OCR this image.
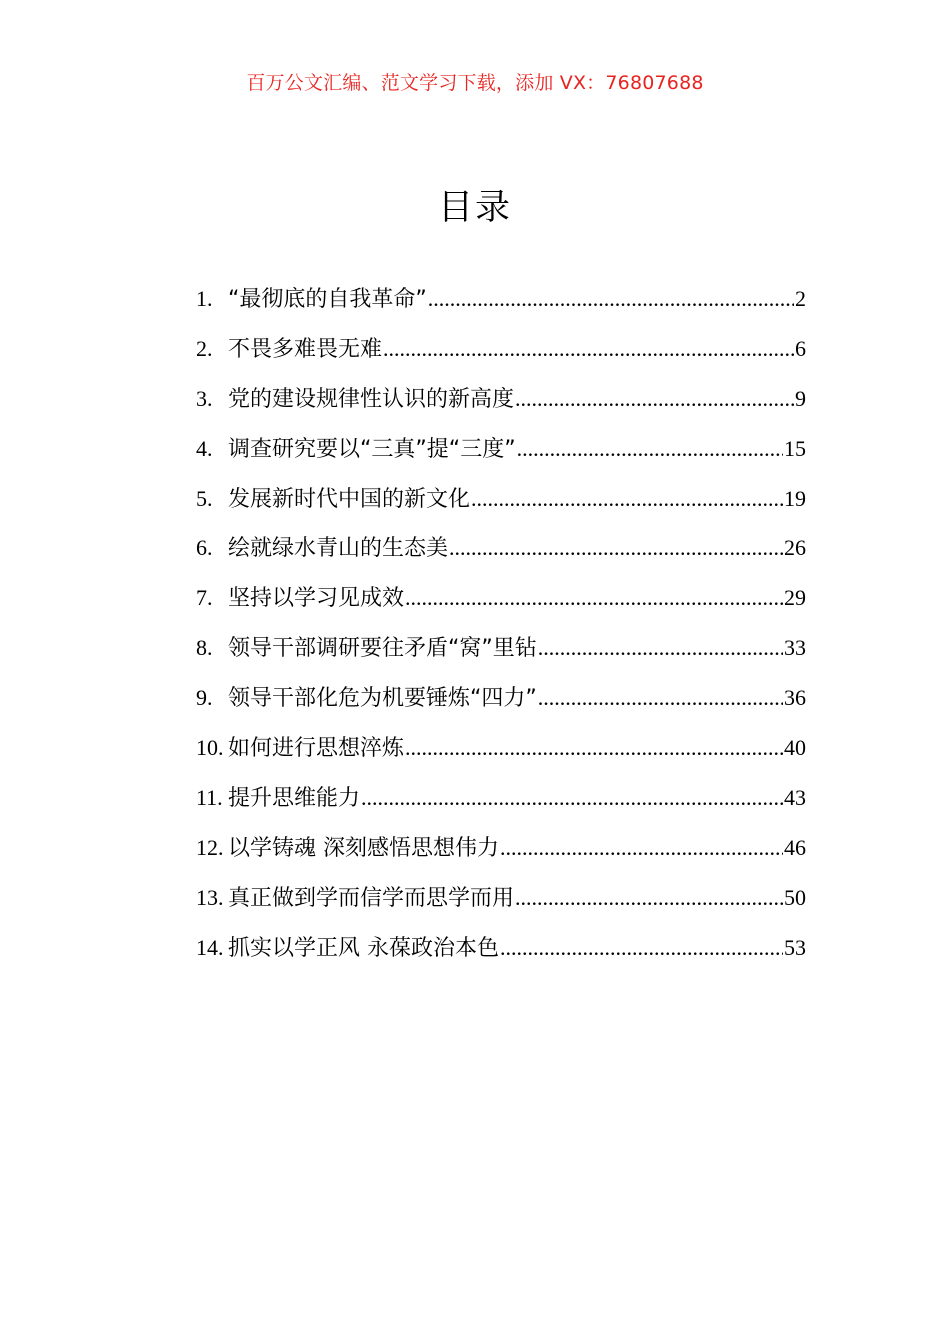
百万公文汇编、范文学习下载，添加 VX：76807688
目录
1. “最彻底的自我革命” .....	2
2. 不畏多难畏无难 .....	6
3. 党的建设规律性认识的新高度 .....	9
4. 调查研究要以“三真”提“三度” .....	15
5. 发展新时代中国的新文化 .....	19
6. 绘就绿水青山的生态美 .....	26
7. 坚持以学习见成效 .....	29
8. 领导干部调研要往矛盾“窝”里钻 .....	33
9. 领导干部化危为机要锤炼“四力” .....	36
10. 如何进行思想淬炼 .....	40
11. 提升思维能力 .....	43
12. 以学铸魂 深刻感悟思想伟力 .....	46
13. 真正做到学而信学而思学而用 .....	50
14. 抓实以学正风 永葆政治本色 .....	53
